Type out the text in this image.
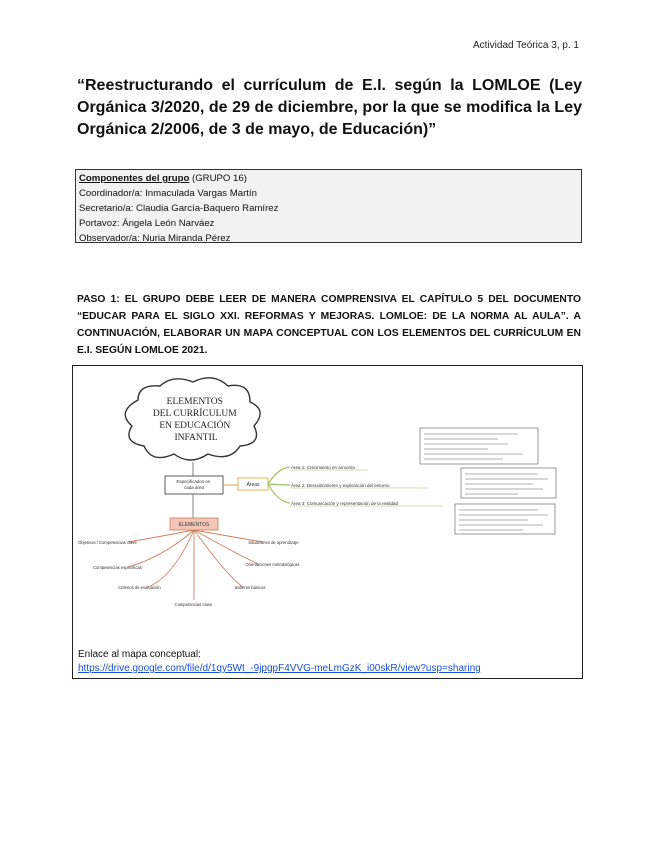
Actividad Teórica 3, p. 1
“Reestructurando el currículum de E.I. según la LOMLOE (Ley Orgánica 3/2020, de 29 de diciembre, por la que se modifica la Ley Orgánica 2/2006, de 3 de mayo, de Educación)”
Componentes del grupo (GRUPO 16)
Coordinador/a: Inmaculada Vargas Martín
Secretario/a: Claudia García-Baquero Ramírez
Portavoz: Ángela León Narváez
Observador/a: Nuria Miranda Pérez
PASO 1: EL GRUPO DEBE LEER DE MANERA COMPRENSIVA EL CAPÍTULO 5 DEL DOCUMENTO “EDUCAR PARA EL SIGLO XXI. REFORMAS Y MEJORAS. LOMLOE: DE LA NORMA AL AULA”. A CONTINUACIÓN, ELABORAR UN MAPA CONCEPTUAL CON LOS ELEMENTOS DEL CURRÍCULUM EN E.I. SEGÚN LOMLOE 2021.
ELEMENTOS DEL CURRÍCULUM EN EDUCACIÓN INFANTIL
Especificados en cada área	Áreas
Área 1: Crecimiento en armonía Área 2: Descubrimiento y exploración del entorno Área 3: Comunicación y representación de la realidad
ELEMENTOS
Objetivos / Competencias clave Competencias específicas Criterios de evaluación Competencias clave Situaciones de aprendizaje Orientaciones metodológicas Saberes básicos
Enlace al mapa conceptual:
https://drive.google.com/file/d/1qy5Wt_-9jpgpF4VVG-meLmGzK_i00skR/view?usp=sharing
